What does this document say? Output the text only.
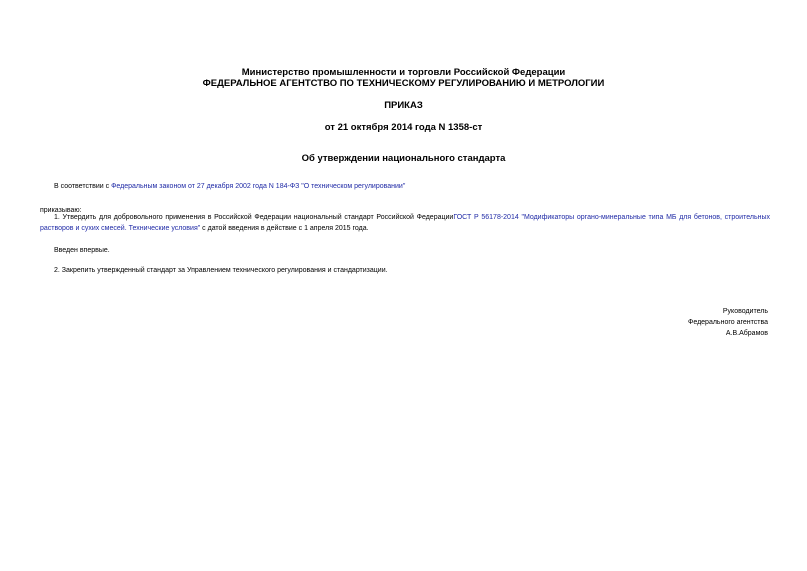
Министерство промышленности и торговли Российской Федерации
ФЕДЕРАЛЬНОЕ АГЕНТСТВО ПО ТЕХНИЧЕСКОМУ РЕГУЛИРОВАНИЮ И МЕТРОЛОГИИ
ПРИКАЗ
от 21 октября 2014 года N 1358-ст
Об утверждении национального стандарта
В соответствии с Федеральным законом от 27 декабря 2002 года N 184-ФЗ "О техническом регулировании"
приказываю:
1. Утвердить для добровольного применения в Российской Федерации национальный стандарт Российской ФедерацииГОСТ Р 56178-2014 "Модификаторы органо-минеральные типа МБ для бетонов, строительных растворов и сухих смесей. Технические условия" с датой введения в действие с 1 апреля 2015 года.
Введен впервые.
2. Закрепить утвержденный стандарт за Управлением технического регулирования и стандартизации.
Руководитель
Федерального агентства
А.В.Абрамов
